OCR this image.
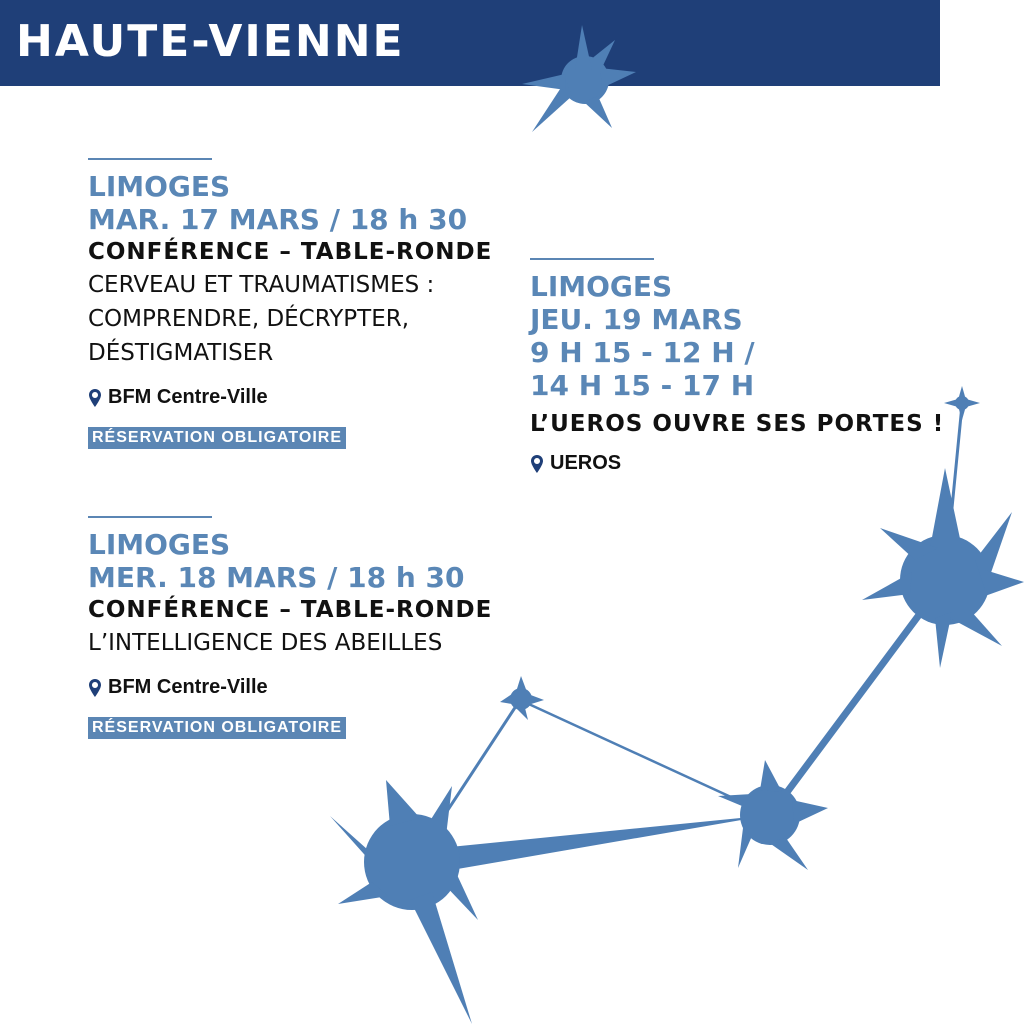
HAUTE-VIENNE
LIMOGES
MAR. 17 MARS / 18 h 30
CONFÉRENCE – TABLE-RONDE
CERVEAU ET TRAUMATISMES :
COMPRENDRE, DÉCRYPTER,
DÉSTIGMATISER
BFM Centre-Ville
RÉSERVATION OBLIGATOIRE
LIMOGES
MER. 18 MARS / 18 h 30
CONFÉRENCE – TABLE-RONDE
L’INTELLIGENCE DES ABEILLES
BFM Centre-Ville
RÉSERVATION OBLIGATOIRE
LIMOGES
JEU. 19 MARS
9 H 15 - 12 H /
14 H 15 - 17 H
L’UEROS OUVRE SES PORTES !
UEROS
